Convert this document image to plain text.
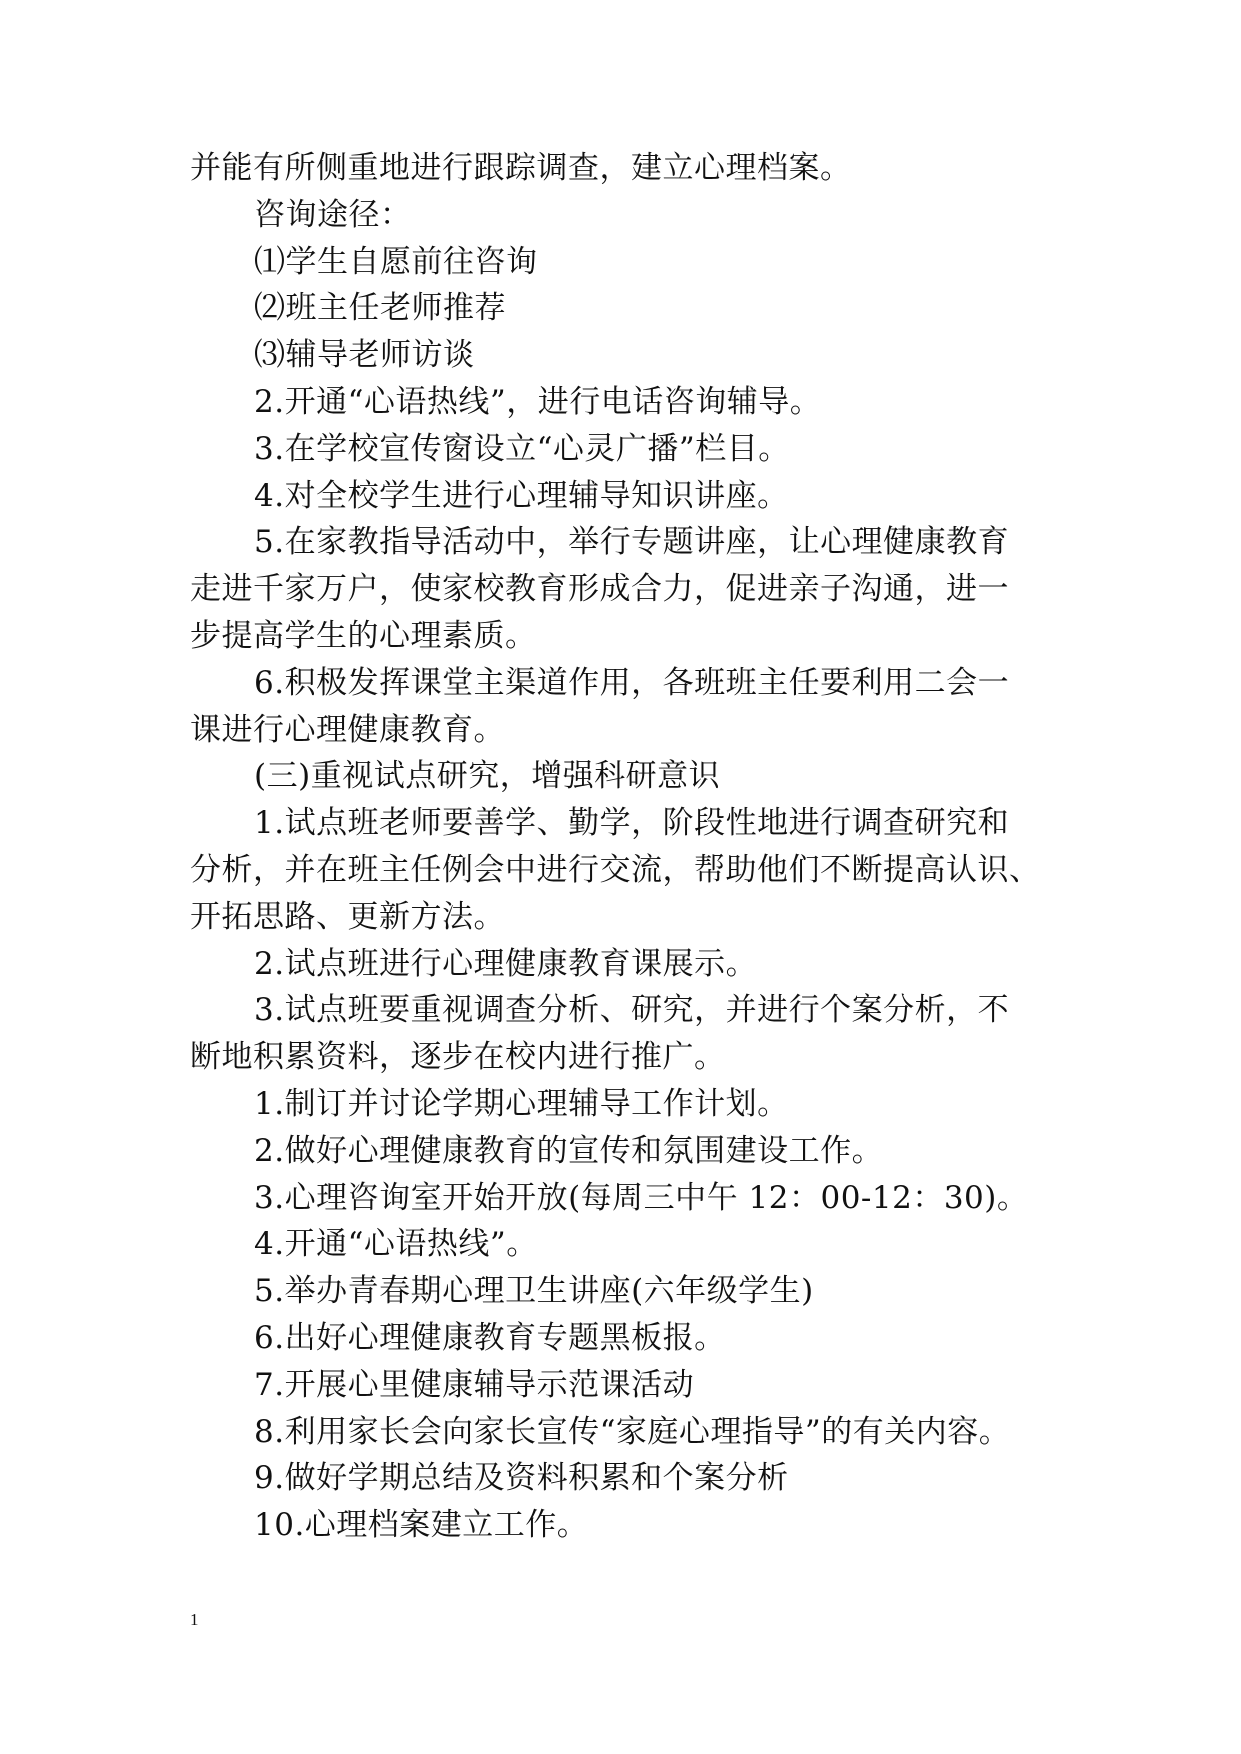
并能有所侧重地进行跟踪调查，建立心理档案。
咨询途径：
⑴学生自愿前往咨询
⑵班主任老师推荐
⑶辅导老师访谈
2.开通“心语热线”，进行电话咨询辅导。
3.在学校宣传窗设立“心灵广播”栏目。
4.对全校学生进行心理辅导知识讲座。
5.在家教指导活动中，举行专题讲座，让心理健康教育
走进千家万户，使家校教育形成合力，促进亲子沟通，进一
步提高学生的心理素质。
6.积极发挥课堂主渠道作用，各班班主任要利用二会一
课进行心理健康教育。
(三)重视试点研究，增强科研意识
1.试点班老师要善学、勤学，阶段性地进行调查研究和
分析，并在班主任例会中进行交流，帮助他们不断提高认识、
开拓思路、更新方法。
2.试点班进行心理健康教育课展示。
3.试点班要重视调查分析、研究，并进行个案分析，不
断地积累资料，逐步在校内进行推广。
1.制订并讨论学期心理辅导工作计划。
2.做好心理健康教育的宣传和氛围建设工作。
3.心理咨询室开始开放(每周三中午 12：00-12：30)。
4.开通“心语热线”。
5.举办青春期心理卫生讲座(六年级学生)
6.出好心理健康教育专题黑板报。
7.开展心里健康辅导示范课活动
8.利用家长会向家长宣传“家庭心理指导”的有关内容。
9.做好学期总结及资料积累和个案分析
10.心理档案建立工作。
1
